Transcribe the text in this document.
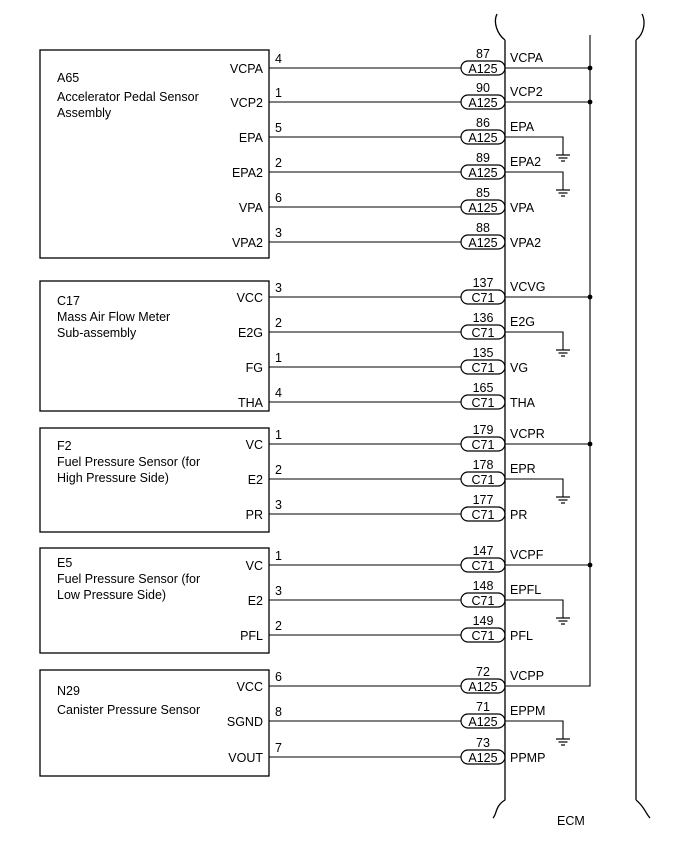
A65
Accelerator Pedal Sensor
Assembly
VCPA
4
A125
87 VCPA
VCP2
1
A125
90 VCP2
EPA
5
A125
86 EPA
EPA2
2
A125
89 EPA2
VPA
6
A125
85
VPA
VPA2
3
A125
88
VPA2
C17
Mass Air Flow Meter
Sub-assembly
VCC
3
C71
137 VCVG
E2G
2
C71
136 E2G
FG
1
C71
135
VG
THA
4
C71
165
THA
F2
Fuel Pressure Sensor (for
High Pressure Side)
VC
1
C71
179 VCPR
E2
2
C71
178 EPR
PR
3
C71
177
PR
E5
Fuel Pressure Sensor (for
Low Pressure Side)
VC
1
C71
147 VCPF
E2
3
C71
148 EPFL
PFL
2
C71
149
PFL
N29
Canister Pressure Sensor
VCC
6
A125
72 VCPP
SGND
8
A125
71 EPPM
VOUT
7
A125
73
PPMP
ECM
